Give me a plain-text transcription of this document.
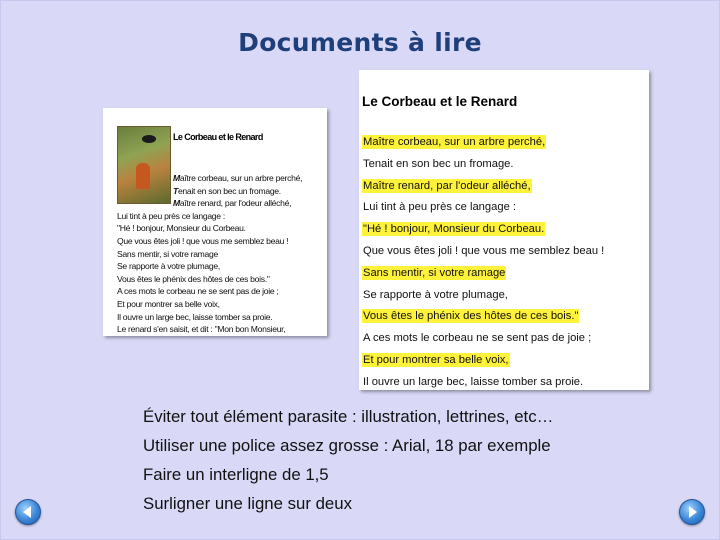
Documents à lire
Le Corbeau et le Renard
Maître corbeau, sur un arbre perché,
Tenait en son bec un fromage.
Maître renard, par l'odeur alléché,
Lui tint à peu près ce langage :
"Hé ! bonjour, Monsieur du Corbeau.
Que vous êtes joli ! que vous me semblez beau !
Sans mentir, si votre ramage
Se rapporte à votre plumage,
Vous êtes le phénix des hôtes de ces bois."
A ces mots le corbeau ne se sent pas de joie ;
Et pour montrer sa belle voix,
Il ouvre un large bec, laisse tomber sa proie.
Le renard s'en saisit, et dit : "Mon bon Monsieur,
Le Corbeau et le Renard
Maître corbeau, sur un arbre perché,
Tenait en son bec un fromage.
Maître renard, par l'odeur alléché,
Lui tint à peu près ce langage :
"Hé ! bonjour, Monsieur du Corbeau.
Que vous êtes joli ! que vous me semblez beau !
Sans mentir, si votre ramage
Se rapporte à votre plumage,
Vous êtes le phénix des hôtes de ces bois."
A ces mots le corbeau ne se sent pas de joie ;
Et pour montrer sa belle voix,
Il ouvre un large bec, laisse tomber sa proie.
Éviter tout élément parasite : illustration, lettrines, etc…
Utiliser une police assez grosse : Arial, 18 par exemple
Faire un interligne de 1,5
Surligner une ligne sur deux
